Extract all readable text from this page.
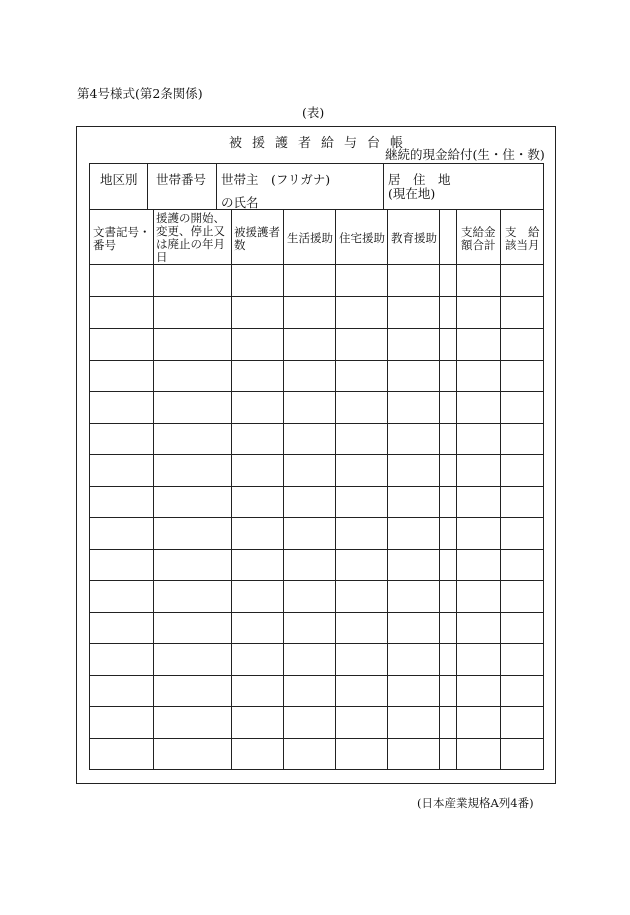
第4号様式(第2条関係)
(表)
被援護者給与台帳
継続的現金給付(生・住・教)
地区別 世帯番号 世帯主　(フリガナ)
の氏名
居　住　地
(現在地)
文書記号・
番号
援護の開始、
変更、停止又
は廃止の年月
日
被援護者
数	生活援助 住宅援助 教育援助 支給金
額合計
支　給
該当月
(日本産業規格A列4番)
